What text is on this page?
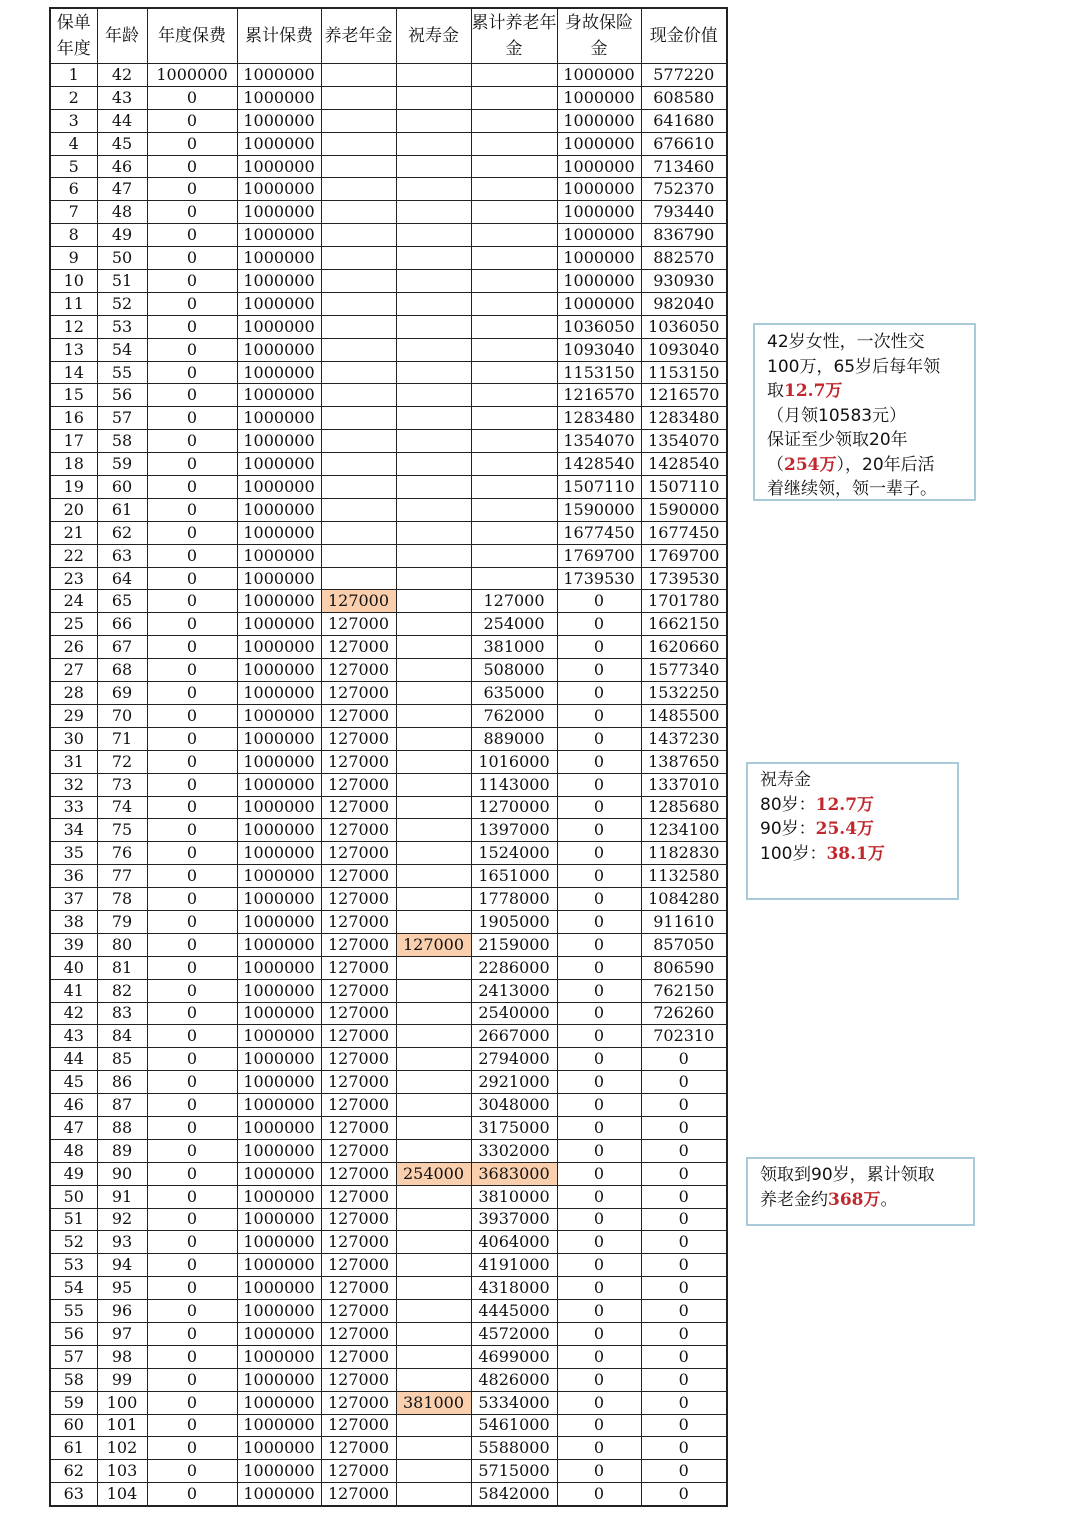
保单年度	年龄	年度保费	累计保费	养老年金	祝寿金	累计养老年金	身故保险金	现金价值
1	42	1000000	1000000				1000000	577220
2	43	0	1000000				1000000	608580
3	44	0	1000000				1000000	641680
4	45	0	1000000				1000000	676610
5	46	0	1000000				1000000	713460
6	47	0	1000000				1000000	752370
7	48	0	1000000				1000000	793440
8	49	0	1000000				1000000	836790
9	50	0	1000000				1000000	882570
10	51	0	1000000				1000000	930930
11	52	0	1000000				1000000	982040
12	53	0	1000000				1036050	1036050
13	54	0	1000000				1093040	1093040
14	55	0	1000000				1153150	1153150
15	56	0	1000000				1216570	1216570
16	57	0	1000000				1283480	1283480
17	58	0	1000000				1354070	1354070
18	59	0	1000000				1428540	1428540
19	60	0	1000000				1507110	1507110
20	61	0	1000000				1590000	1590000
21	62	0	1000000				1677450	1677450
22	63	0	1000000				1769700	1769700
23	64	0	1000000				1739530	1739530
24	65	0	1000000	127000		127000	0	1701780
25	66	0	1000000	127000		254000	0	1662150
26	67	0	1000000	127000		381000	0	1620660
27	68	0	1000000	127000		508000	0	1577340
28	69	0	1000000	127000		635000	0	1532250
29	70	0	1000000	127000		762000	0	1485500
30	71	0	1000000	127000		889000	0	1437230
31	72	0	1000000	127000		1016000	0	1387650
32	73	0	1000000	127000		1143000	0	1337010
33	74	0	1000000	127000		1270000	0	1285680
34	75	0	1000000	127000		1397000	0	1234100
35	76	0	1000000	127000		1524000	0	1182830
36	77	0	1000000	127000		1651000	0	1132580
37	78	0	1000000	127000		1778000	0	1084280
38	79	0	1000000	127000		1905000	0	911610
39	80	0	1000000	127000	127000	2159000	0	857050
40	81	0	1000000	127000		2286000	0	806590
41	82	0	1000000	127000		2413000	0	762150
42	83	0	1000000	127000		2540000	0	726260
43	84	0	1000000	127000		2667000	0	702310
44	85	0	1000000	127000		2794000	0	0
45	86	0	1000000	127000		2921000	0	0
46	87	0	1000000	127000		3048000	0	0
47	88	0	1000000	127000		3175000	0	0
48	89	0	1000000	127000		3302000	0	0
49	90	0	1000000	127000	254000	3683000	0	0
50	91	0	1000000	127000		3810000	0	0
51	92	0	1000000	127000		3937000	0	0
52	93	0	1000000	127000		4064000	0	0
53	94	0	1000000	127000		4191000	0	0
54	95	0	1000000	127000		4318000	0	0
55	96	0	1000000	127000		4445000	0	0
56	97	0	1000000	127000		4572000	0	0
57	98	0	1000000	127000		4699000	0	0
58	99	0	1000000	127000		4826000	0	0
59	100	0	1000000	127000	381000	5334000	0	0
60	101	0	1000000	127000		5461000	0	0
61	102	0	1000000	127000		5588000	0	0
62	103	0	1000000	127000		5715000	0	0
63	104	0	1000000	127000		5842000	0	0
42岁女性，一次性交
100万，65岁后每年领
取12.7万（月领10583元）
保证至少领取20年
（254万），20年后活
着继续领，领一辈子。
祝寿金
80岁：12.7万
90岁：25.4万
100岁：38.1万
领取到90岁，累计领取
养老金约368万。
